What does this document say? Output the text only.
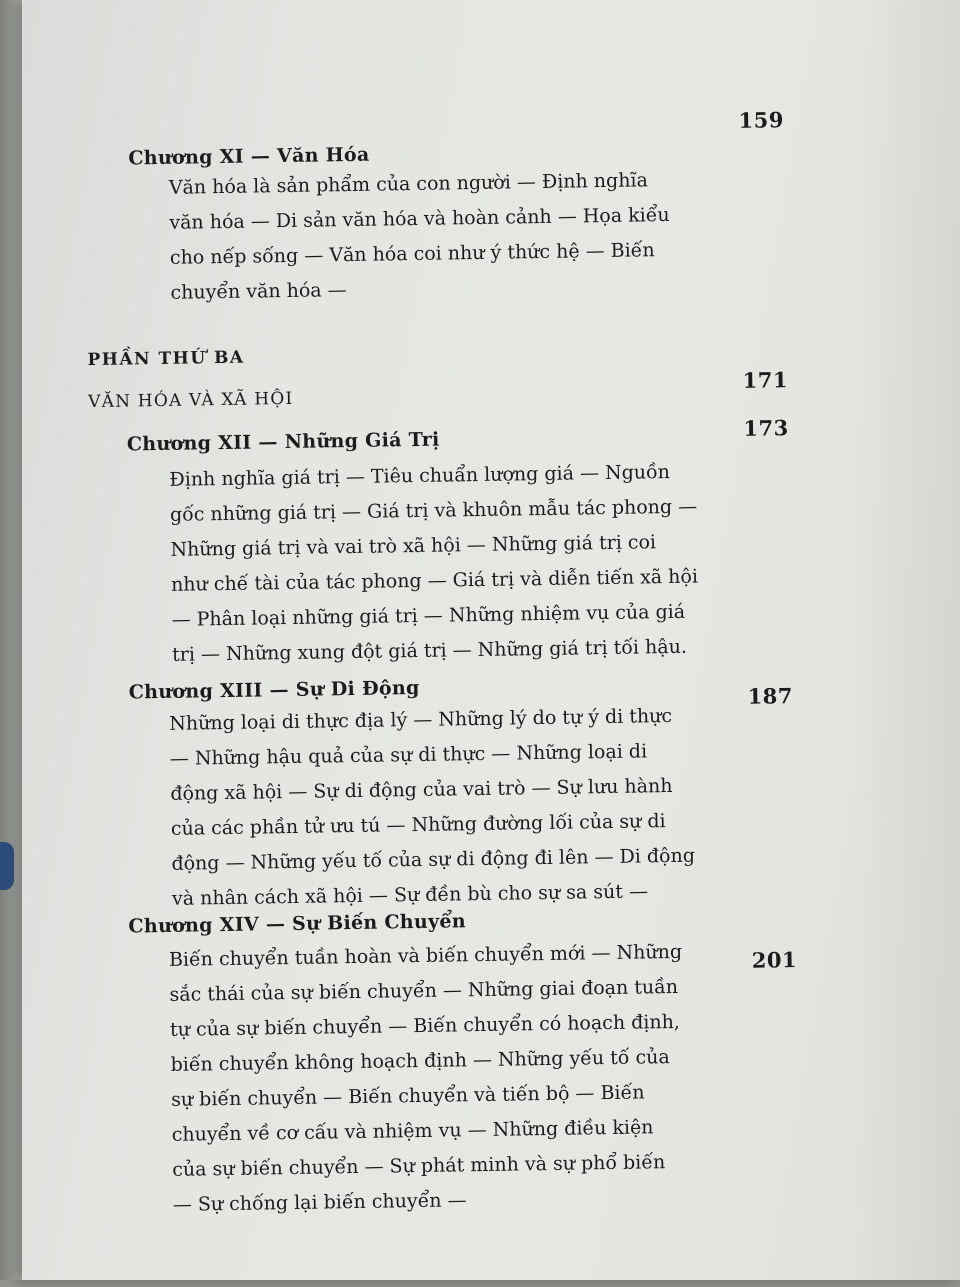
159
Chương XI — Văn Hóa
Văn hóa là sản phẩm của con người — Định nghĩa
văn hóa — Di sản văn hóa và hoàn cảnh — Họa kiểu
cho nếp sống — Văn hóa coi như ý thức hệ — Biến
chuyển văn hóa —
PHẦN THỨ BA
VĂN HÓA VÀ XÃ HỘI
171
Chương XII — Những Giá Trị
173
Định nghĩa giá trị — Tiêu chuẩn lượng giá — Nguồn
gốc những giá trị — Giá trị và khuôn mẫu tác phong —
Những giá trị và vai trò xã hội — Những giá trị coi
như chế tài của tác phong — Giá trị và diễn tiến xã hội
— Phân loại những giá trị — Những nhiệm vụ của giá
trị — Những xung đột giá trị — Những giá trị tối hậu.
Chương XIII — Sự Di Động	187
Những loại di thực địa lý — Những lý do tự ý di thực
— Những hậu quả của sự di thực — Những loại di
động xã hội — Sự di động của vai trò — Sự lưu hành
của các phần tử ưu tú — Những đường lối của sự di
động — Những yếu tố của sự di động đi lên — Di động
và nhân cách xã hội — Sự đền bù cho sự sa sút —
Chương XIV — Sự Biến Chuyển
201
Biến chuyển tuần hoàn và biến chuyển mới — Những
sắc thái của sự biến chuyển — Những giai đoạn tuần
tự của sự biến chuyển — Biến chuyển có hoạch định,
biến chuyển không hoạch định — Những yếu tố của
sự biến chuyển — Biến chuyển và tiến bộ — Biến
chuyển về cơ cấu và nhiệm vụ — Những điều kiện
của sự biến chuyển — Sự phát minh và sự phổ biến
— Sự chống lại biến chuyển —
